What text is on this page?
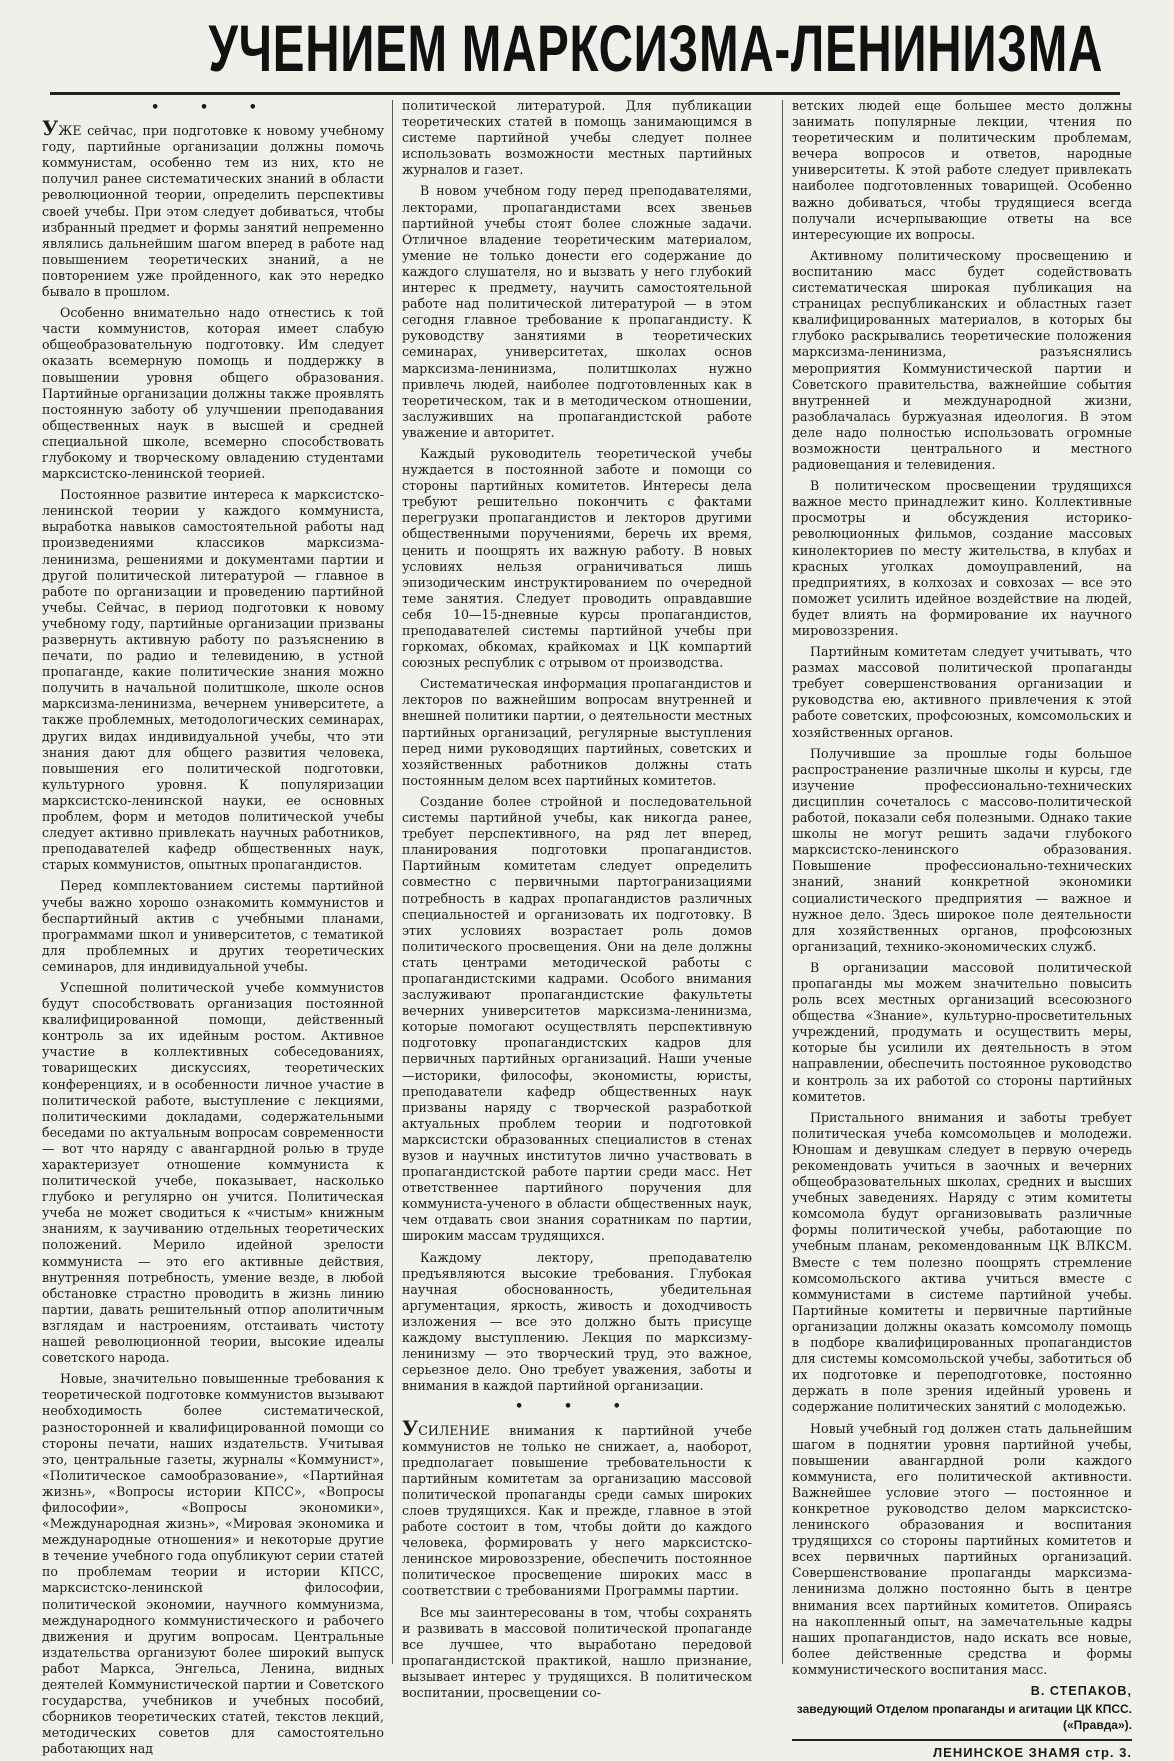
УЧЕНИЕМ МАРКСИЗМА-ЛЕНИНИЗМА
• • •

УЖЕ сейчас, при подготовке к новому учебному году, партийные организации должны помочь коммунистам, особенно тем из них, кто не получил ранее систематических знаний в области революционной теории, определить перспективы своей учебы. При этом следует добиваться, чтобы избранный предмет и формы занятий непременно являлись дальнейшим шагом вперед в работе над повышением теоретических знаний, а не повторением уже пройденного, как это нередко бывало в прошлом.

Особенно внимательно надо отнестись к той части коммунистов, которая имеет слабую общеобразовательную подготовку. Им следует оказать всемерную помощь и поддержку в повышении уровня общего образования. Партийные организации должны также проявлять постоянную заботу об улучшении преподавания общественных наук в высшей и средней специальной школе, всемерно способствовать глубокому и творческому овладению студентами марксистско-ленинской теорией.

Постоянное развитие интереса к марксистско-ленинской теории у каждого коммуниста, выработка навыков самостоятельной работы над произведениями классиков марксизма-ленинизма, решениями и документами партии и другой политической литературой — главное в работе по организации и проведению партийной учебы. Сейчас, в период подготовки к новому учебному году, партийные организации призваны развернуть активную работу по разъяснению в печати, по радио и телевидению, в устной пропаганде, какие политические знания можно получить в начальной политшколе, школе основ марксизма-ленинизма, вечернем университете, а также проблемных, методологических семинарах, других видах индивидуальной учебы, что эти знания дают для общего развития человека, повышения его политической подготовки, культурного уровня. К популяризации марксистско-ленинской науки, ее основных проблем, форм и методов политической учебы следует активно привлекать научных работников, преподавателей кафедр общественных наук, старых коммунистов, опытных пропагандистов.

Перед комплектованием системы партийной учебы важно хорошо ознакомить коммунистов и беспартийный актив с учебными планами, программами школ и университетов, с тематикой для проблемных и других теоретических семинаров, для индивидуальной учебы.

Успешной политической учебе коммунистов будут способствовать организация постоянной квалифицированной помощи, действенный контроль за их идейным ростом. Активное участие в коллективных собеседованиях, товарищеских дискуссиях, теоретических конференциях, и в особенности личное участие в политической работе, выступление с лекциями, политическими докладами, содержательными беседами по актуальным вопросам современности — вот что наряду с авангардной ролью в труде характеризует отношение коммуниста к политической учебе, показывает, насколько глубоко и регулярно он учится. Политическая учеба не может сводиться к «чистым» книжным знаниям, к заучиванию отдельных теоретических положений. Мерило идейной зрелости коммуниста — это его активные действия, внутренняя потребность, умение везде, в любой обстановке страстно проводить в жизнь линию партии, давать решительный отпор аполитичным взглядам и настроениям, отстаивать чистоту нашей революционной теории, высокие идеалы советского народа.

Новые, значительно повышенные требования к теоретической подготовке коммунистов вызывают необходимость более систематической, разносторонней и квалифицированной помощи со стороны печати, наших издательств. Учитывая это, центральные газеты, журналы «Коммунист», «Политическое самообразование», «Партийная жизнь», «Вопросы истории КПСС», «Вопросы философии», «Вопросы экономики», «Международная жизнь», «Мировая экономика и международные отношения» и некоторые другие в течение учебного года опубликуют серии статей по проблемам теории и истории КПСС, марксистско-ленинской философии, политической экономии, научного коммунизма, международного коммунистического и рабочего движения и другим вопросам. Центральные издательства организуют более широкий выпуск работ Маркса, Энгельса, Ленина, видных деятелей Коммунистической партии и Советского государства, учебников и учебных пособий, сборников теоретических статей, текстов лекций, методических советов для самостоятельно работающих над

политической литературой. Для публикации теоретических статей в помощь занимающимся в системе партийной учебы следует полнее использовать возможности местных партийных журналов и газет.

В новом учебном году перед преподавателями, лекторами, пропагандистами всех звеньев партийной учебы стоят более сложные задачи. Отличное владение теоретическим материалом, умение не только донести его содержание до каждого слушателя, но и вызвать у него глубокий интерес к предмету, научить самостоятельной работе над политической литературой — в этом сегодня главное требование к пропагандисту. К руководству занятиями в теоретических семинарах, университетах, школах основ марксизма-ленинизма, политшколах нужно привлечь людей, наиболее подготовленных как в теоретическом, так и в методическом отношении, заслуживших на пропагандистской работе уважение и авторитет.

Каждый руководитель теоретической учебы нуждается в постоянной заботе и помощи со стороны партийных комитетов. Интересы дела требуют решительно покончить с фактами перегрузки пропагандистов и лекторов другими общественными поручениями, беречь их время, ценить и поощрять их важную работу. В новых условиях нельзя ограничиваться лишь эпизодическим инструктированием по очередной теме занятия. Следует проводить оправдавшие себя 10—15-дневные курсы пропагандистов, преподавателей системы партийной учебы при горкомах, обкомах, крайкомах и ЦК компартий союзных республик с отрывом от производства.

Систематическая информация пропагандистов и лекторов по важнейшим вопросам внутренней и внешней политики партии, о деятельности местных партийных организаций, регулярные выступления перед ними руководящих партийных, советских и хозяйственных работников должны стать постоянным делом всех партийных комитетов.

Создание более стройной и последовательной системы партийной учебы, как никогда ранее, требует перспективного, на ряд лет вперед, планирования подготовки пропагандистов. Партийным комитетам следует определить совместно с первичными партогранизациями потребность в кадрах пропагандистов различных специальностей и организовать их подготовку. В этих условиях возрастает роль домов политического просвещения. Они на деле должны стать центрами методической работы с пропагандистскими кадрами. Особого внимания заслуживают пропагандистские факультеты вечерних университетов марксизма-ленинизма, которые помогают осуществлять перспективную подготовку пропагандистских кадров для первичных партийных организаций. Наши ученые—историки, философы, экономисты, юристы, преподаватели кафедр общественных наук призваны наряду с творческой разработкой актуальных проблем теории и подготовкой марксистски образованных специалистов в стенах вузов и научных институтов лично участвовать в пропагандистской работе партии среди масс. Нет ответственнее партийного поручения для коммуниста-ученого в области общественных наук, чем отдавать свои знания соратникам по партии, широким массам трудящихся.

Каждому лектору, преподавателю предъявляются высокие требования. Глубокая научная обоснованность, убедительная аргументация, яркость, живость и доходчивость изложения — все это должно быть присуще каждому выступлению. Лекция по марксизму-ленинизму — это творческий труд, это важное, серьезное дело. Оно требует уважения, заботы и внимания в каждой партийной организации.

• • •

УСИЛЕНИЕ внимания к партийной учебе коммунистов не только не снижает, а, наоборот, предполагает повышение требовательности к партийным комитетам за организацию массовой политической пропаганды среди самых широких слоев трудящихся. Как и прежде, главное в этой работе состоит в том, чтобы дойти до каждого человека, формировать у него марксистско-ленинское мировоззрение, обеспечить постоянное политическое просвещение широких масс в соответствии с требованиями Программы партии.

Все мы заинтересованы в том, чтобы сохранять и развивать в массовой политической пропаганде все лучшее, что выработано передовой пропагандистской практикой, нашло признание, вызывает интерес у трудящихся. В политическом воспитании, просвещении со-

ветских людей еще большее место должны занимать популярные лекции, чтения по теоретическим и политическим проблемам, вечера вопросов и ответов, народные университеты. К этой работе следует привлекать наиболее подготовленных товарищей. Особенно важно добиваться, чтобы трудящиеся всегда получали исчерпывающие ответы на все интересующие их вопросы.

Активному политическому просвещению и воспитанию масс будет содействовать систематическая широкая публикация на страницах республиканских и областных газет квалифицированных материалов, в которых бы глубоко раскрывались теоретические положения марксизма-ленинизма, разъяснялись мероприятия Коммунистической партии и Советского правительства, важнейшие события внутренней и международной жизни, разоблачалась буржуазная идеология. В этом деле надо полностью использовать огромные возможности центрального и местного радиовещания и телевидения.

В политическом просвещении трудящихся важное место принадлежит кино. Коллективные просмотры и обсуждения историко-революционных фильмов, создание массовых кинолекториев по месту жительства, в клубах и красных уголках домоуправлений, на предприятиях, в колхозах и совхозах — все это поможет усилить идейное воздействие на людей, будет влиять на формирование их научного мировоззрения.

Партийным комитетам следует учитывать, что размах массовой политической пропаганды требует совершенствования организации и руководства ею, активного привлечения к этой работе советских, профсоюзных, комсомольских и хозяйственных органов.

Получившие за прошлые годы большое распространение различные школы и курсы, где изучение профессионально-технических дисциплин сочеталось с массово-политической работой, показали себя полезными. Однако такие школы не могут решить задачи глубокого марксистско-ленинского образования. Повышение профессионально-технических знаний, знаний конкретной экономики социалистического предприятия — важное и нужное дело. Здесь широкое поле деятельности для хозяйственных органов, профсоюзных организаций, технико-экономических служб.

В организации массовой политической пропаганды мы можем значительно повысить роль всех местных организаций всесоюзного общества «Знание», культурно-просветительных учреждений, продумать и осуществить меры, которые бы усилили их деятельность в этом направлении, обеспечить постоянное руководство и контроль за их работой со стороны партийных комитетов.

Пристального внимания и заботы требует политическая учеба комсомольцев и молодежи. Юношам и девушкам следует в первую очередь рекомендовать учиться в заочных и вечерних общеобразовательных школах, средних и высших учебных заведениях. Наряду с этим комитеты комсомола будут организовывать различные формы политической учебы, работающие по учебным планам, рекомендованным ЦК ВЛКСМ. Вместе с тем полезно поощрять стремление комсомольского актива учиться вместе с коммунистами в системе партийной учебы. Партийные комитеты и первичные партийные организации должны оказать комсомолу помощь в подборе квалифицированных пропагандистов для системы комсомольской учебы, заботиться об их подготовке и переподготовке, постоянно держать в поле зрения идейный уровень и содержание политических занятий с молодежью.

Новый учебный год должен стать дальнейшим шагом в поднятии уровня партийной учебы, повышении авангардной роли каждого коммуниста, его политической активности. Важнейшее условие этого — постоянное и конкретное руководство делом марксистско-ленинского образования и воспитания трудящихся со стороны партийных комитетов и всех первичных партийных организаций. Совершенствование пропаганды марксизма-ленинизма должно постоянно быть в центре внимания всех партийных комитетов. Опираясь на накопленный опыт, на замечательные кадры наших пропагандистов, надо искать все новые, более действенные средства и формы коммунистического воспитания масс.

В. СТЕПАКОВ,
заведующий Отделом пропаганды и агитации ЦК КПСС. («Правда»).
ЛЕНИНСКОЕ ЗНАМЯ стр. 3.
